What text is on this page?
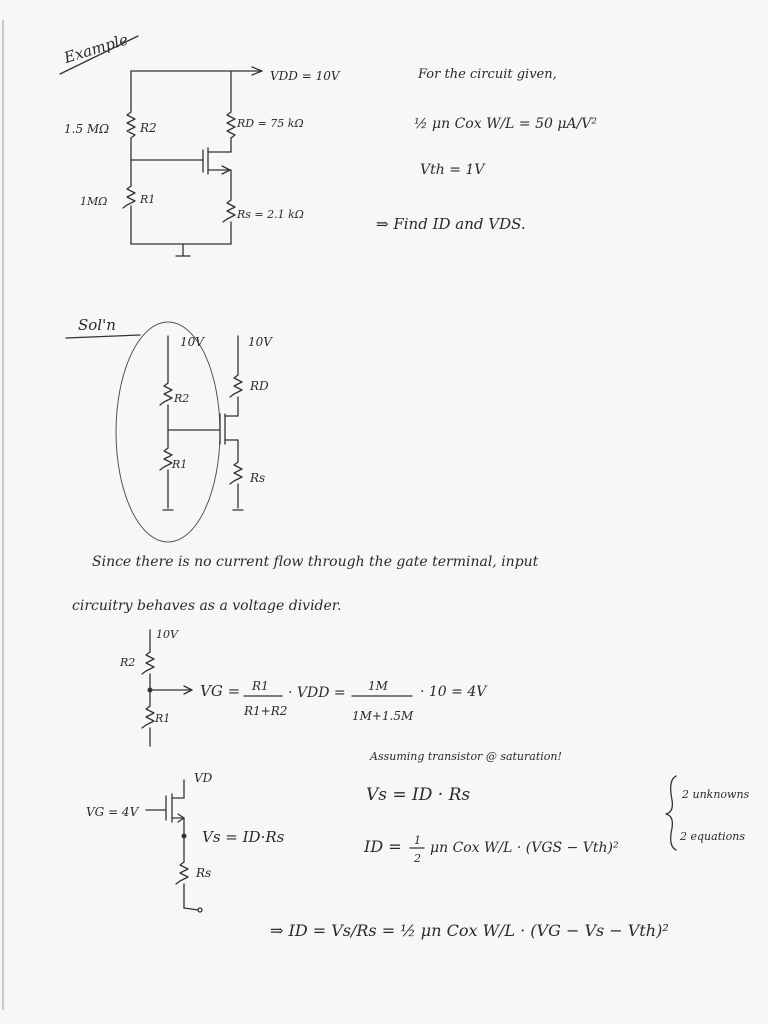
Example
VDD = 10V
1.5 MΩ	R2	RD = 75 kΩ
1MΩ	R1
Rs = 2.1 kΩ
For the circuit given,
½ μn Cox W/L = 50 μA/V²
Vth = 1V
⇒ Find ID and VDS.
Sol'n
10V	10V
R2
R1
RD
Rs
Since there is no current flow through the gate terminal, input
circuitry behaves as a voltage divider.
10V
R2
R1
VG = R1
R1+R2
· VDD = 1M
1M+1.5M
· 10 = 4V
Assuming transistor @ saturation!
VD
VG = 4V
Vs = ID·Rs
Rs
Vs = ID · Rs
ID = 1
2
μn Cox W/L · (VGS − Vth)²
2 unknowns
2 equations
⇒ ID = Vs/Rs = ½ μn Cox W/L · (VG − Vs − Vth)²
